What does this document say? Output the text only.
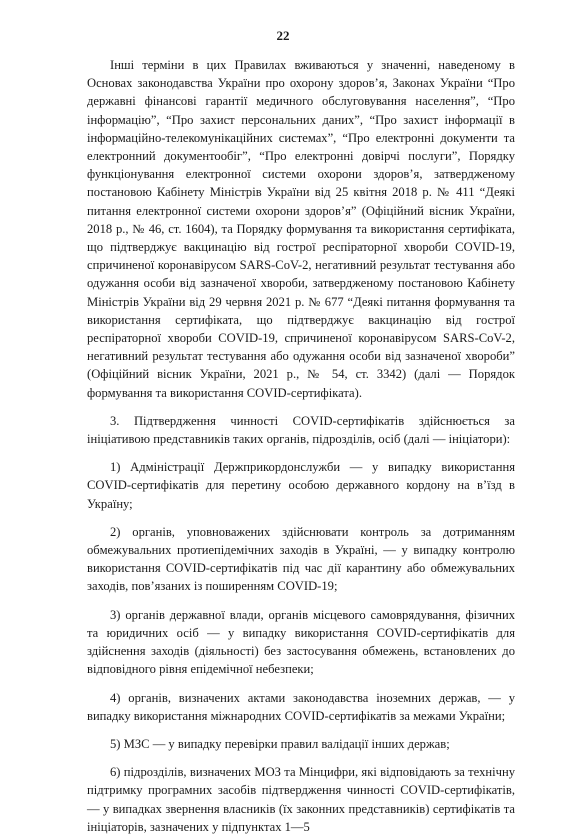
22

Інші терміни в цих Правилах вживаються у значенні, наведеному в Основах законодавства України про охорону здоров’я, Законах України “Про державні фінансові гарантії медичного обслуговування населення”, “Про інформацію”, “Про захист персональних даних”, “Про захист інформації в інформаційно-телекомунікаційних системах”, “Про електронні документи та електронний документообіг”, “Про електронні довірчі послуги”, Порядку функціонування електронної системи охорони здоров’я, затвердженому постановою Кабінету Міністрів України від 25 квітня 2018 р. № 411 “Деякі питання електронної системи охорони здоров’я” (Офіційний вісник України, 2018 р., № 46, ст. 1604), та Порядку формування та використання сертифіката, що підтверджує вакцинацію від гострої респіраторної хвороби COVID-19, спричиненої коронавірусом SARS-CoV-2, негативний результат тестування або одужання особи від зазначеної хвороби, затвердженому постановою Кабінету Міністрів України від 29 червня 2021 р. № 677 “Деякі питання формування та використання сертифіката, що підтверджує вакцинацію від гострої респіраторної хвороби COVID-19, спричиненої коронавірусом SARS-CoV-2, негативний результат тестування або одужання особи від зазначеної хвороби” (Офіційний вісник України, 2021 р., № 54, ст. 3342) (далі — Порядок формування та використання COVID-сертифіката).

3. Підтвердження чинності COVID-сертифікатів здійснюється за ініціативою представників таких органів, підрозділів, осіб (далі — ініціатори):

1) Адміністрації Держприкордонслужби — у випадку використання COVID-сертифікатів для перетину особою державного кордону на в’їзд в Україну;

2) органів, уповноважених здійснювати контроль за дотриманням обмежувальних протиепідемічних заходів в Україні, — у випадку контролю використання COVID-сертифікатів під час дії карантину або обмежувальних заходів, пов’язаних із поширенням COVID-19;

3) органів державної влади, органів місцевого самоврядування, фізичних та юридичних осіб — у випадку використання COVID-сертифікатів для здійснення заходів (діяльності) без застосування обмежень, встановлених до відповідного рівня епідемічної небезпеки;

4) органів, визначених актами законодавства іноземних держав, — у випадку використання міжнародних COVID-сертифікатів за межами України;

5) МЗС — у випадку перевірки правил валідації інших держав;

6) підрозділів, визначених МОЗ та Мінцифри, які відповідають за технічну підтримку програмних засобів підтвердження чинності COVID-сертифікатів, — у випадках звернення власників (їх законних представників) сертифікатів та ініціаторів, зазначених у підпунктах 1—5
